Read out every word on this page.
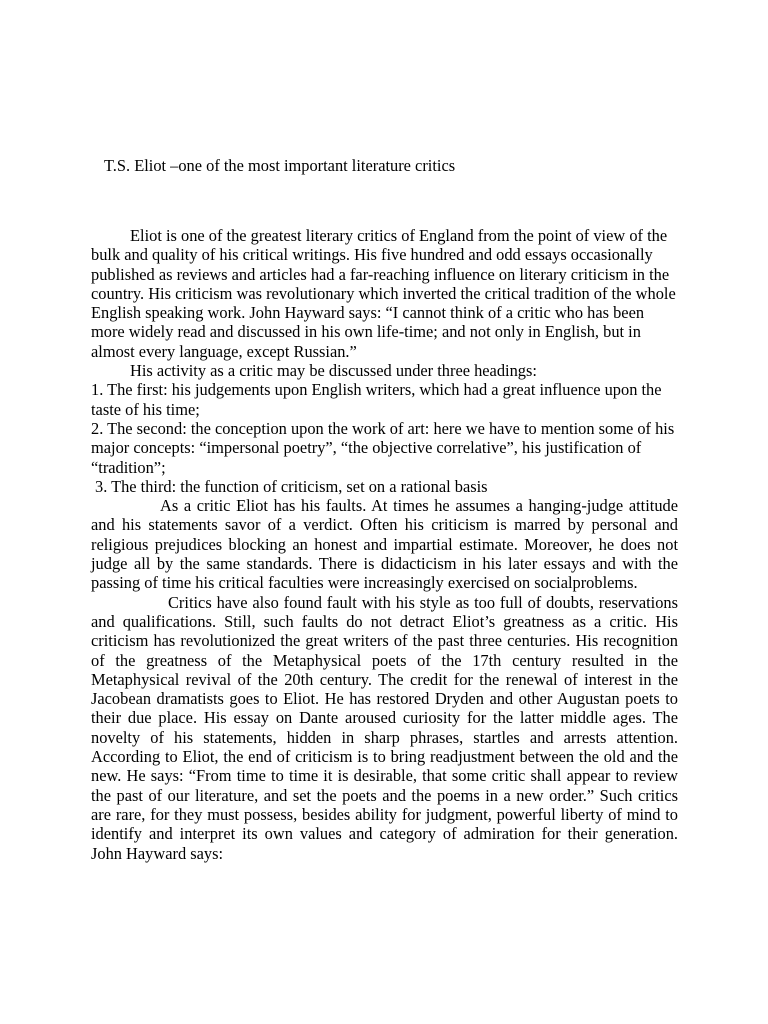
T.S. Eliot –one of the most important literature critics

Eliot is one of the greatest literary critics of England from the point of view of the bulk and quality of his critical writings. His five hundred and odd essays occasionally published as reviews and articles had a far-reaching influence on literary criticism in the country. His criticism was revolutionary which inverted the critical tradition of the whole English speaking work. John Hayward says: “I cannot think of a critic who has been more widely read and discussed in his own life-time; and not only in English, but in almost every language, except Russian.”

His activity as a critic may be discussed under three headings:

1. The first: his judgements upon English writers, which had a great influence upon the taste of his time;

2. The second: the conception upon the work of art: here we have to mention some of his major concepts: “impersonal poetry”, “the objective correlative”, his justification of “tradition”;

3. The third: the function of criticism, set on a rational basis

As a critic Eliot has his faults. At times he assumes a hanging-judge attitude and his statements savor of a verdict. Often his criticism is marred by personal and religious prejudices blocking an honest and impartial estimate. Moreover, he does not judge all by the same standards. There is didacticism in his later essays and with the passing of time his critical faculties were increasingly exercised on socialproblems.

Critics have also found fault with his style as too full of doubts, reservations and qualifications. Still, such faults do not detract Eliot’s greatness as a critic. His criticism has revolutionized the great writers of the past three centuries. His recognition of the greatness of the Metaphysical poets of the 17th century resulted in the Metaphysical revival of the 20th century. The credit for the renewal of interest in the Jacobean dramatists goes to Eliot. He has restored Dryden and other Augustan poets to their due place. His essay on Dante aroused curiosity for the latter middle ages. The novelty of his statements, hidden in sharp phrases, startles and arrests attention. According to Eliot, the end of criticism is to bring readjustment between the old and the new. He says: “From time to time it is desirable, that some critic shall appear to review the past of our literature, and set the poets and the poems in a new order.” Such critics are rare, for they must possess, besides ability for judgment, powerful liberty of mind to identify and interpret its own values and category of admiration for their generation. John Hayward says:
